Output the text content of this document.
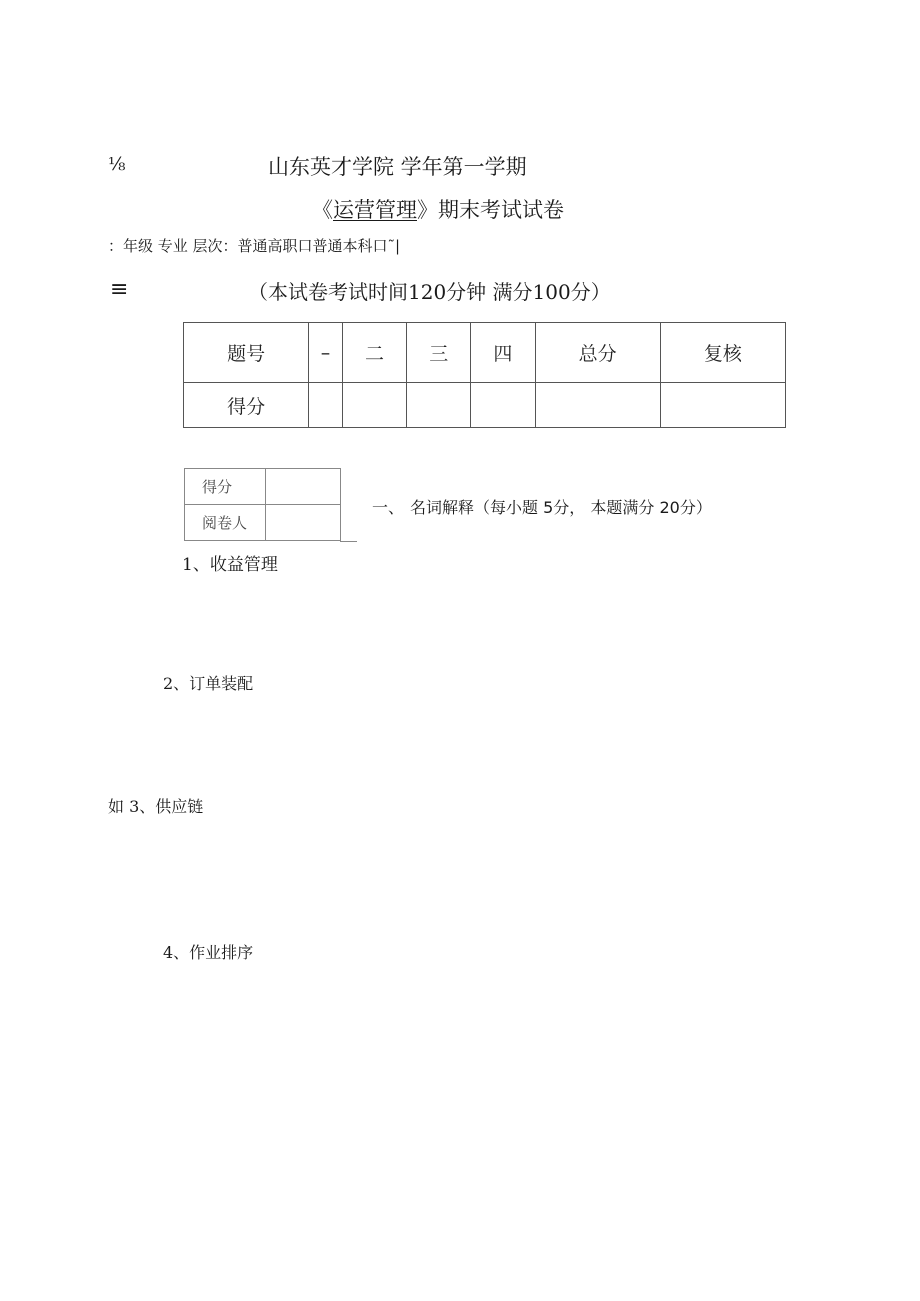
⅛	山东英才学院 学年第一学期
《运营管理》期末考试试卷
：年级 专业 层次：普通高职口普通本科口˜|
≡	（本试卷考试时间120分钟 满分100分）
题号	–	二	三	四	总分	复核
得分						
得分	
阅卷人	
一、 名词解释（每小题 5分， 本题满分 20分）
1、收益管理
2、订单装配
如 3、供应链
4、作业排序
